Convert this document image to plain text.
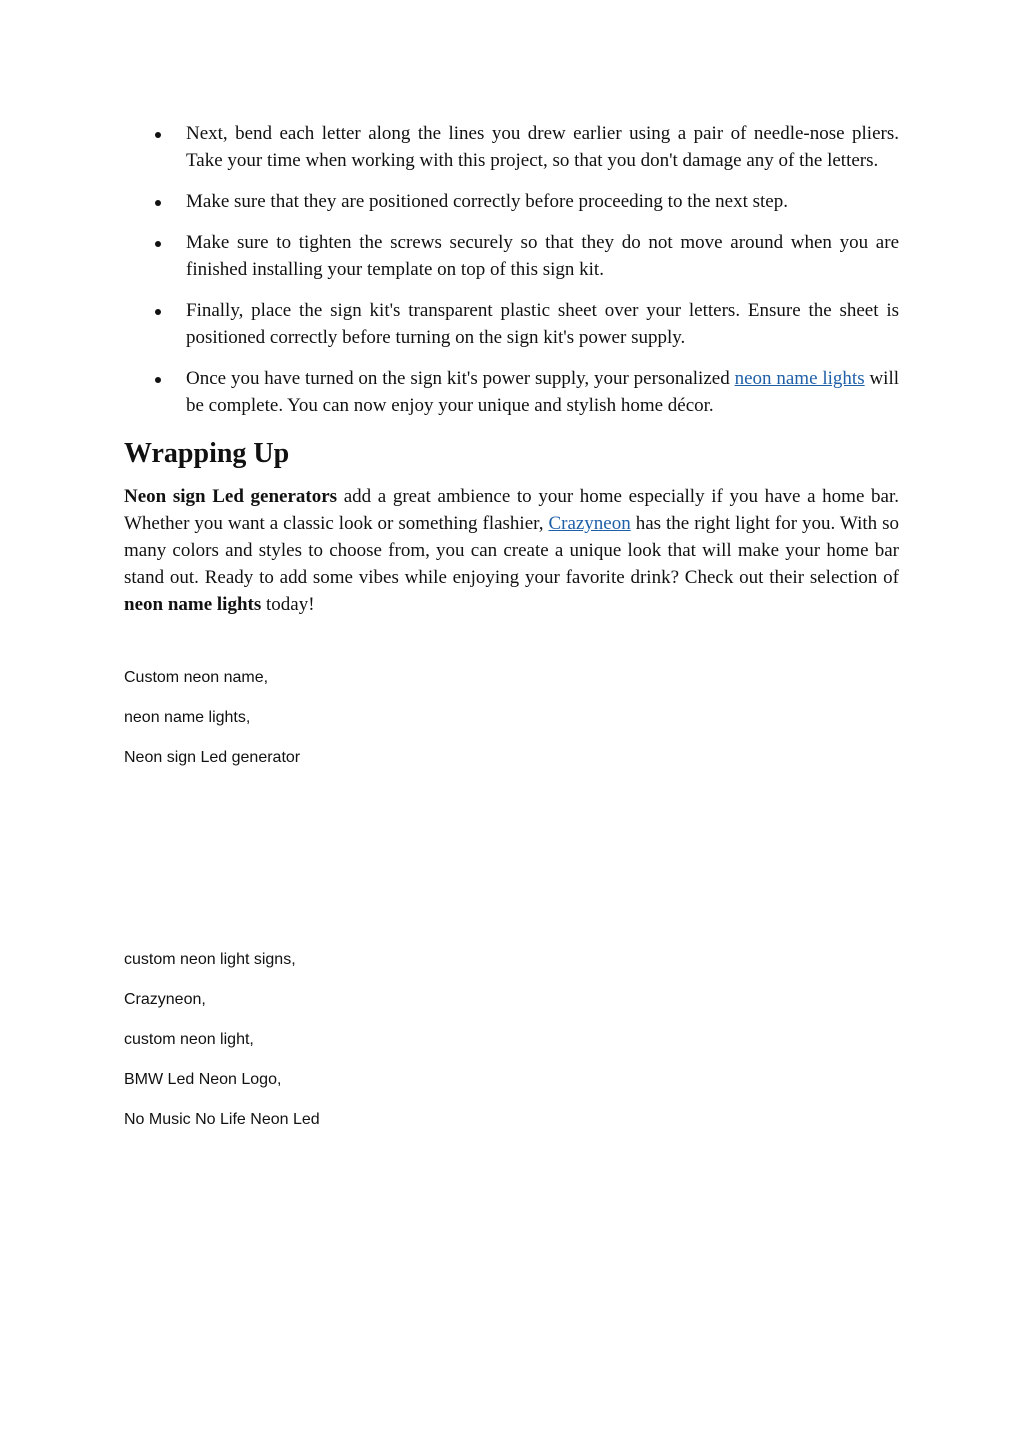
Next, bend each letter along the lines you drew earlier using a pair of needle-nose pliers. Take your time when working with this project, so that you don't damage any of the letters.
Make sure that they are positioned correctly before proceeding to the next step.
Make sure to tighten the screws securely so that they do not move around when you are finished installing your template on top of this sign kit.
Finally, place the sign kit's transparent plastic sheet over your letters. Ensure the sheet is positioned correctly before turning on the sign kit's power supply.
Once you have turned on the sign kit's power supply, your personalized neon name lights will be complete. You can now enjoy your unique and stylish home décor.
Wrapping Up

Neon sign Led generators add a great ambience to your home especially if you have a home bar. Whether you want a classic look or something flashier, Crazyneon has the right light for you. With so many colors and styles to choose from, you can create a unique look that will make your home bar stand out. Ready to add some vibes while enjoying your favorite drink? Check out their selection of neon name lights today!

Custom neon name,

neon name lights,

Neon sign Led generator

custom neon light signs,

Crazyneon,

custom neon light,

BMW Led Neon Logo,

No Music No Life Neon Led
